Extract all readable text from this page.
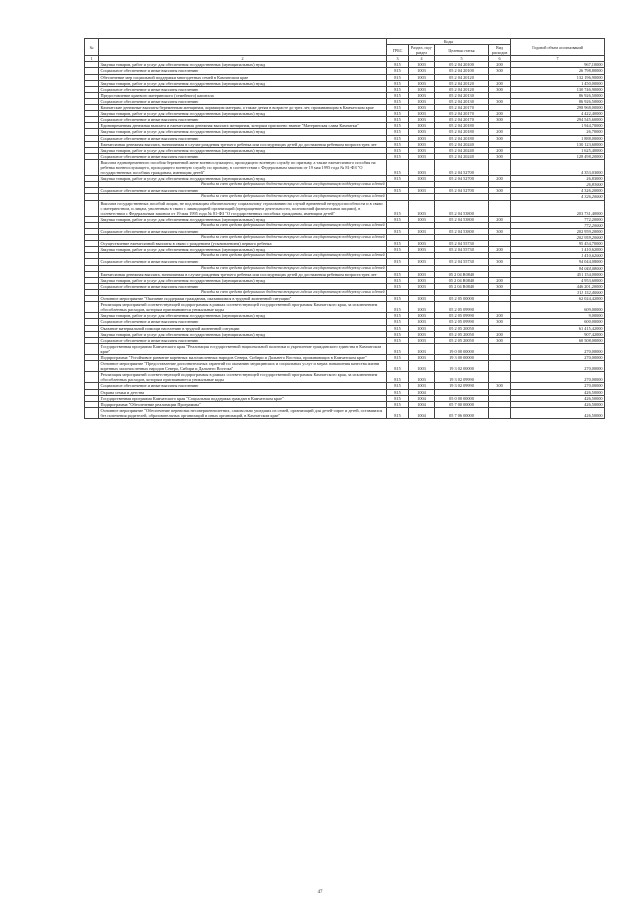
№		Коды				Годовой объем ассигнований
		ГРБС	Раздел, под-раздел	Целевая статья	Вид расходов	
1	2	3	4	5	6	7
	Закупка товаров, работ и услуг для обеспечения государственных (муниципальных) нужд	815	1003	05 2 04 20100	200	967,10000
	Социальное обеспечение и иные выплаты населению	815	1003	05 2 04 20100	300	26 798,80000
	Обеспечение мер социальной поддержки многодетных семей в Камчатском крае	815	1003	05 2 04 20120		132 196,90000
	Закупка товаров, работ и услуг для обеспечения государственных (муниципальных) нужд	815	1003	05 2 04 20120	200	1 450,00000
	Социальное обеспечение и иные выплаты населению	815	1003	05 2 04 20120	300	130 746,90000
	Предоставление краевого материнского (семейного) капитала	815	1003	05 2 04 20130		86 926,50000
	Социальное обеспечение и иные выплаты населению	815	1003	05 2 04 20130	300	86 926,50000
	Камчатские денежные выплаты беременным женщинам, кормящим матерям, а также детям в возрасте до трех лет, проживающим в Камчатском крае	815	1003	05 2 04 20170		298 968,00000
	Закупка товаров, работ и услуг для обеспечения государственных (муниципальных) нужд	815	1003	05 2 04 20170	200	4 422,40000
	Социальное обеспечение и иные выплаты населению	815	1003	05 2 04 20170	300	294 545,60000
	Единовременная денежная выплата и ежемесячная денежная выплата женщинам, которым присвоено звание "Материнская слава Камчатки"	815	1003	05 2 04 20180		1 944,70000
	Закупка товаров, работ и услуг для обеспечения государственных (муниципальных) нужд	815	1003	05 2 04 20180	200	26,70000
	Социальное обеспечение и иные выплаты населению	815	1003	05 2 04 20180	300	1 888,00000
	Ежемесячная денежная выплата, назначаемая в случае рождения третьего ребенка или последующих детей до достижения ребенком возраста трех лет	815	1003	05 2 04 20240		130 123,60000
	Закупка товаров, работ и услуг для обеспечения государственных (муниципальных) нужд	815	1003	05 2 04 20240	200	1 625,40000
	Социальное обеспечение и иные выплаты населению	815	1003	05 2 04 20240	300	128 498,20000
	Выплата единовременного пособия беременной жене военнослужащего, проходящего военную службу по призыву, а также ежемесячного пособия на ребенка военнослужащего, проходящего военную службу по призыву, в соответствии с Федеральным законом от 19 мая 1995 года № 81-ФЗ "О государственных пособиях гражданам, имеющим детей"	815	1003	05 2 04 52700		4 353,03000
	Закупка товаров, работ и услуг для обеспечения государственных (муниципальных) нужд	815	1003	05 2 04 52700	200	26,83000
	Расходы за счет средств федерального бюджета текущего года на государственную поддержку семьи и детей					26,83000
	Социальное обеспечение и иные выплаты населению	815	1003	05 2 04 52700	300	4 326,20000
	Расходы за счет средств федерального бюджета текущего года на государственную поддержку семьи и детей					4 326,20000
	Выплата государственных пособий лицам, не подлежащим обязательному социальному страхованию на случай временной нетрудоспособности и в связи с материнством, и лицам, уволенным в связи с ликвидацией организаций (прекращением деятельности, полномочий физическими лицами), в соответствии с Федеральным законом от 19 мая 1995 года № 81-ФЗ "О государственных пособиях гражданам, имеющим детей"	815	1003	05 2 04 53800		203 731,40000
	Закупка товаров, работ и услуг для обеспечения государственных (муниципальных) нужд	815	1003	05 2 04 53800	200	772,20000
	Расходы за счет средств федерального бюджета текущего года на государственную поддержку семьи и детей					772,20000
	Социальное обеспечение и иные выплаты населению	815	1003	05 2 04 53800	300	202 959,20000
	Расходы за счет средств федерального бюджета текущего года на государственную поддержку семьи и детей					202 959,20000
	Осуществление ежемесячной выплаты в связи с рождением (усыновлением) первого ребенка	815	1003	05 2 04 55730		95 454,70000
	Закупка товаров, работ и услуг для обеспечения государственных (муниципальных) нужд	815	1003	05 2 04 55730	200	1 410,62000
	Расходы за счет средств федерального бюджета текущего года на государственную поддержку семьи и детей					1 410,62000
	Социальное обеспечение и иные выплаты населению	815	1003	05 2 04 55730	300	94 044,08000
	Расходы за счет средств федерального бюджета текущего года на государственную поддержку семьи и детей					94 044,08000
	Ежемесячная денежная выплата, назначаемая в случае рождения третьего ребенка или последующих детей до достижения ребенком возраста трех лет	815	1003	05 2 04 R0840		451 154,00000
	Закупка товаров, работ и услуг для обеспечения государственных (муниципальных) нужд	815	1003	05 2 04 R0840	200	4 953,60000
	Социальное обеспечение и иные выплаты населению	815	1003	05 2 04 R0840	300	446 201,20000
	Расходы за счет средств федерального бюджета текущего года на государственную поддержку семьи и детей					311 152,40000
	Основное мероприятие "Оказание поддержки гражданам, оказавшимся в трудной жизненной ситуации"	815	1003	05 2 05 00000		62 024,42000
	Реализация мероприятий соответствующей подпрограммы в рамках соответствующей государственной программы Камчатского края, за исключением обособленных расходов, которым присваиваются уникальные коды	815	1003	05 2 05 09990		609,00000
	Закупка товаров, работ и услуг для обеспечения государственных (муниципальных) нужд	815	1003	05 2 05 09990	200	9,00000
	Социальное обеспечение и иные выплаты населению	815	1003	05 2 05 09990	300	600,00000
	Оказание материальной помощи населению в трудной жизненной ситуации	815	1003	05 2 05 20050		61 415,42000
	Закупка товаров, работ и услуг для обеспечения государственных (муниципальных) нужд	815	1003	05 2 05 20050	200	907,42000
	Социальное обеспечение и иные выплаты населению	815	1003	05 2 05 20050	300	60 508,00000
	Государственная программа Камчатского края "Реализация государственной национальной политики и укрепление гражданского единства в Камчатском крае"	815	1003	19 0 00 00000		270,00000
	Подпрограмма "Устойчивое развитие коренных малочисленных народов Севера, Сибири и Дальнего Востока, проживающих в Камчатском крае"	815	1003	19 3 00 00000		270,00000
	Основное мероприятие "Предоставление дополнительных гарантий по оказанию медицинских и социальных услуг и мерах повышения качества жизни коренных малочисленных народов Севера, Сибири и Дальнего Востока"	815	1003	19 3 02 00000		270,00000
	Реализация мероприятий соответствующей подпрограммы в рамках соответствующей государственной программы Камчатского края, за исключением обособленных расходов, которым присваиваются уникальные коды	815	1003	19 3 02 09990		270,00000
	Социальное обеспечение и иные выплаты населению	815	1003	19 3 02 09990	300	270,00000
	Охрана семьи и детства	815	1004			426,50000
	Государственная программа Камчатского края "Социальная поддержка граждан в Камчатском крае"	815	1004	05 0 00 00000		426,50000
	Подпрограмма "Обеспечение реализации Программы"	815	1004	05 7 00 00000		426,50000
	Основное мероприятие "Обеспечение перевозки несовершеннолетних, самовольно ушедших из семей, организаций для детей-сирот и детей, оставшихся без попечения родителей, образовательных организаций и иных организаций, в Камчатском крае"	815	1004	05 7 06 00000		426,50000
47
